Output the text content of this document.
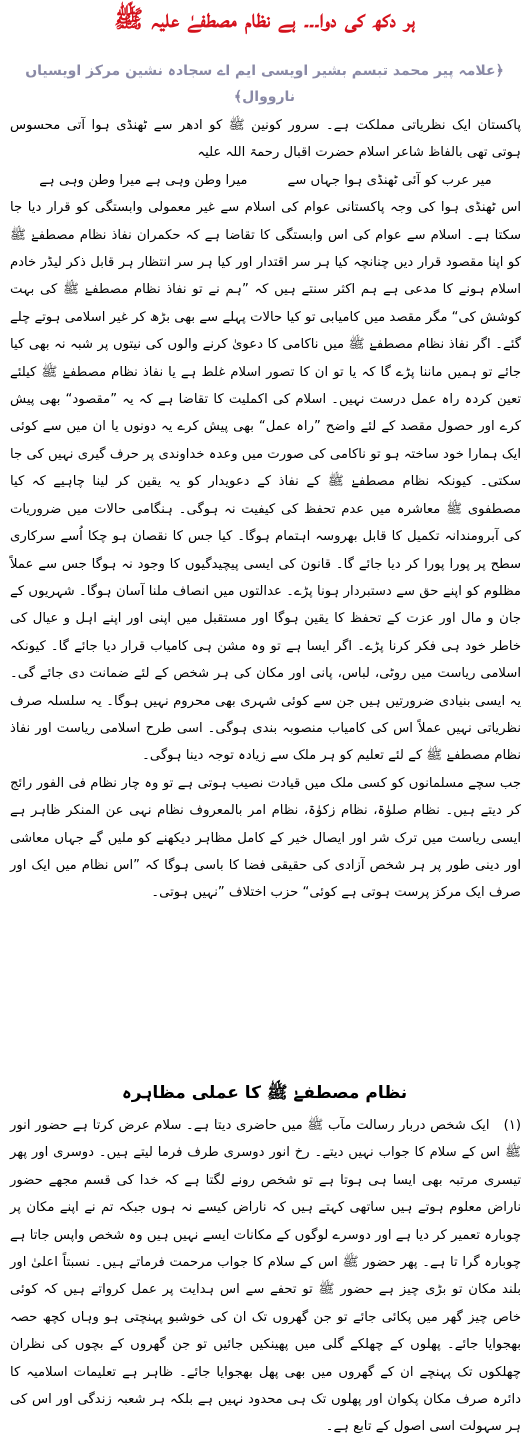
ہر دکھ کی دوا۔۔۔ ہے نظام مصطفےٰ علیہ ﷺ
﴿علامہ پیر محمد تبسم بشیر اویسی ایم اے سجادہ نشین مرکز اویسیاں نارووال﴾

پاکستان ایک نظریاتی مملکت ہے۔ سرور کونین ﷺ کو ادھر سے ٹھنڈی ہوا آتی محسوس ہوتی تھی بالفاظ شاعر اسلام حضرت اقبال رحمۃ اللہ علیہ

میر عرب کو آئی ٹھنڈی ہوا جہاں سےمیرا وطن وہی ہے میرا وطن وہی ہے

اس ٹھنڈی ہوا کی وجہ پاکستانی عوام کی اسلام سے غیر معمولی وابستگی کو قرار دیا جا سکتا ہے۔ اسلام سے عوام کی اس وابستگی کا تقاضا ہے کہ حکمران نفاذ نظام مصطفےٰ ﷺ کو اپنا مقصود قرار دیں چنانچہ کیا ہر سر اقتدار اور کیا ہر سر انتظار ہر قابل ذکر لیڈر خادم اسلام ہونے کا مدعی ہے ہم اکثر سنتے ہیں کہ ”ہم نے تو نفاذ نظام مصطفےٰ ﷺ کی بہت کوشش کی“ مگر مقصد میں کامیابی تو کیا حالات پہلے سے بھی بڑھ کر غیر اسلامی ہوتے چلے گئے۔ اگر نفاذ نظام مصطفےٰ ﷺ میں ناکامی کا دعویٰ کرنے والوں کی نیتوں پر شبہ نہ بھی کیا جائے تو ہمیں ماننا پڑے گا کہ یا تو ان کا تصور اسلام غلط ہے یا نفاذ نظام مصطفےٰ ﷺ کیلئے تعین کردہ راہ عمل درست نہیں۔ اسلام کی اکملیت کا تقاضا ہے کہ یہ ”مقصود“ بھی پیش کرے اور حصول مقصد کے لئے واضح ”راہ عمل“ بھی پیش کرے یہ دونوں یا ان میں سے کوئی ایک ہمارا خود ساختہ ہو تو ناکامی کی صورت میں وعدہ خداوندی پر حرف گیری نہیں کی جا سکتی۔ کیونکہ نظام مصطفےٰ ﷺ کے نفاذ کے دعویدار کو یہ یقین کر لینا چاہیے کہ کیا مصطفوی ﷺ معاشرہ میں عدم تحفظ کی کیفیت نہ ہوگی۔ ہنگامی حالات میں ضروریات کی آبرومندانہ تکمیل کا قابل بھروسہ اہتمام ہوگا۔ کیا جس کا نقصان ہو چکا اُسے سرکاری سطح پر پورا پورا کر دیا جائے گا۔ قانون کی ایسی پیچیدگیوں کا وجود نہ ہوگا جس سے عملاً مظلوم کو اپنے حق سے دستبردار ہونا پڑے۔ عدالتوں میں انصاف ملنا آسان ہوگا۔ شہریوں کے جان و مال اور عزت کے تحفظ کا یقین ہوگا اور مستقبل میں اپنی اور اپنے اہل و عیال کی خاطر خود ہی فکر کرنا پڑے۔ اگر ایسا ہے تو وہ مشن ہی کامیاب قرار دیا جائے گا۔ کیونکہ اسلامی ریاست میں روٹی، لباس، پانی اور مکان کی ہر شخص کے لئے ضمانت دی جائے گی۔ یہ ایسی بنیادی ضرورتیں ہیں جن سے کوئی شہری بھی محروم نہیں ہوگا۔ یہ سلسلہ صرف نظریاتی نہیں عملاً اس کی کامیاب منصوبہ بندی ہوگی۔ اسی طرح اسلامی ریاست اور نفاذ نظام مصطفےٰ ﷺ کے لئے تعلیم کو ہر ملک سے زیادہ توجہ دینا ہوگی۔

جب سچے مسلمانوں کو کسی ملک میں قیادت نصیب ہوتی ہے تو وہ چار نظام فی الفور رائج کر دیتے ہیں۔ نظام صلوٰۃ، نظام زکوٰۃ، نظام امر بالمعروف نظام نہی عن المنکر ظاہر ہے ایسی ریاست میں ترک شر اور ایصال خیر کے کامل مظاہر دیکھنے کو ملیں گے جہاں معاشی اور دینی طور پر ہر شخص آزادی کی حقیقی فضا کا باسی ہوگا کہ ”اس نظام میں ایک اور صرف ایک مرکز پرست ہوتی ہے کوئی“ حزب اختلاف ”نہیں ہوتی۔

نظام مصطفےٰ ﷺ کا عملی مظاہرہ

(۱)ایک شخص دربار رسالت مآب ﷺ میں حاضری دیتا ہے۔ سلام عرض کرتا ہے حضور انور ﷺ اس کے سلام کا جواب نہیں دیتے۔ رخ انور دوسری طرف فرما لیتے ہیں۔ دوسری اور پھر تیسری مرتبہ بھی ایسا ہی ہوتا ہے تو شخص رونے لگتا ہے کہ خدا کی قسم مجھے حضور ناراض معلوم ہوتے ہیں ساتھی کہتے ہیں کہ ناراض کیسے نہ ہوں جبکہ تم نے اپنے مکان پر چوبارہ تعمیر کر دیا ہے اور دوسرے لوگوں کے مکانات ایسے نہیں ہیں وہ شخص واپس جاتا ہے چوبارہ گرا تا ہے۔ پھر حضور ﷺ اس کے سلام کا جواب مرحمت فرماتے ہیں۔ نسبتاً اعلیٰ اور بلند مکان تو بڑی چیز ہے حضور ﷺ تو تحفے سے اس ہدایت پر عمل کرواتے ہیں کہ کوئی خاص چیز گھر میں پکائی جائے تو جن گھروں تک ان کی خوشبو پہنچتی ہو وہاں کچھ حصہ بھجوایا جائے۔ پھلوں کے چھلکے گلی میں پھینکیں جائیں تو جن گھروں کے بچوں کی نظران چھلکوں تک پہنچے ان کے گھروں میں بھی پھل بھجوایا جائے۔ ظاہر ہے تعلیمات اسلامیہ کا دائرہ صرف مکان پکوان اور پھلوں تک ہی محدود نہیں ہے بلکہ ہر شعبہ زندگی اور اس کی ہر سہولت اسی اصول کے تابع ہے۔
